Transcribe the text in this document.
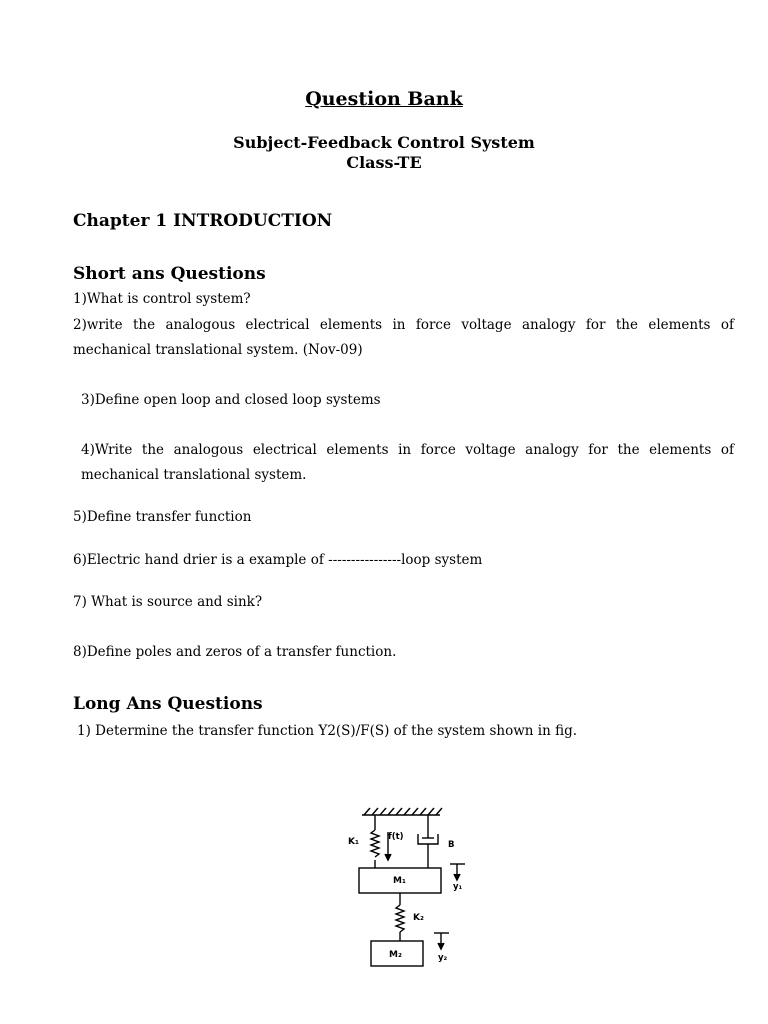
Question Bank
Subject-Feedback Control System
Class-TE
Chapter 1 INTRODUCTION
Short ans Questions
1)What is control system?
2)write the analogous electrical elements in force voltage analogy for the elements of mechanical translational system. (Nov-09)
3)Define open loop and closed loop systems
4)Write the analogous electrical elements in force voltage analogy for the elements of mechanical translational system.
5)Define transfer function
6)Electric hand drier is a example of ----------------loop system
7) What is source and sink?
8)Define poles and zeros of a transfer function.
Long Ans Questions
1) Determine the transfer function Y2(S)/F(S) of the system shown in fig.
K₁	f(t)
B
M₁
y₁
K₂
M₂	y₂
